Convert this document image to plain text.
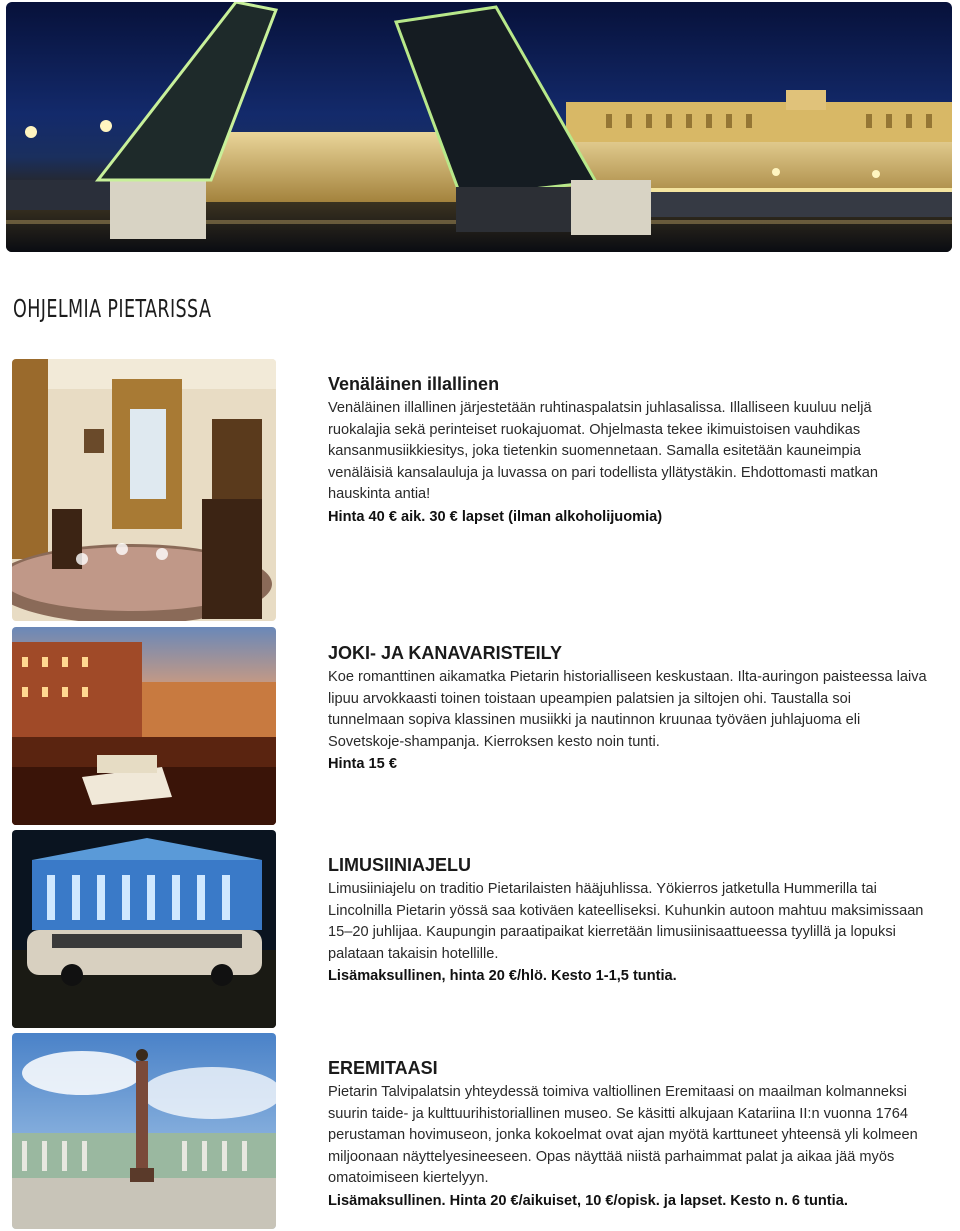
OHJELMIA PIETARISSA
Venäläinen illallinen

Venäläinen illallinen järjestetään ruhtinaspalatsin juhlasalissa. Illalliseen kuuluu neljä ruokalajia sekä perinteiset ruokajuomat. Ohjelmasta tekee ikimuistoisen vauhdikas kansanmusiikkiesitys, joka tietenkin suomennetaan. Samalla esitetään kauneimpia venäläisiä kansalauluja ja luvassa on pari todellista yllätystäkin. Ehdottomasti matkan hauskinta antia!

Hinta 40 € aik. 30 € lapset (ilman alkoholijuomia)

JOKI- JA KANAVARISTEILY

Koe romanttinen aikamatka Pietarin historialliseen keskustaan. Ilta-auringon paisteessa laiva lipuu arvokkaasti toinen toistaan upeampien palatsien ja siltojen ohi. Taustalla soi tunnelmaan sopiva klassinen musiikki ja nautinnon kruunaa työväen juhlajuoma eli Sovetskoje-shampanja. Kierroksen kesto noin tunti.

Hinta 15 €

LIMUSIINIAJELU

Limusiiniajelu on traditio Pietarilaisten hääjuhlissa. Yökierros jatketulla Hummerilla tai Lincolnilla Pietarin yössä saa kotiväen kateelliseksi. Kuhunkin autoon mahtuu maksimissaan 15–20 juhlijaa. Kaupungin paraatipaikat kierretään limusiinisaattueessa tyylillä ja lopuksi palataan takaisin hotellille.

Lisämaksullinen, hinta 20 €/hlö. Kesto 1-1,5 tuntia.

EREMITAASI

Pietarin Talvipalatsin yhteydessä toimiva valtiollinen Eremitaasi on maailman kolmanneksi suurin taide- ja kulttuurihistoriallinen museo. Se käsitti alkujaan Katariina II:n vuonna 1764 perustaman hovimuseon, jonka kokoelmat ovat ajan myötä karttuneet yhteensä yli kolmeen miljoonaan näyttelyesineeseen. Opas näyttää niistä parhaimmat palat ja aikaa jää myös omatoimiseen kiertelyyn.

Lisämaksullinen. Hinta 20 €/aikuiset, 10 €/opisk. ja lapset. Kesto n. 6 tuntia.
